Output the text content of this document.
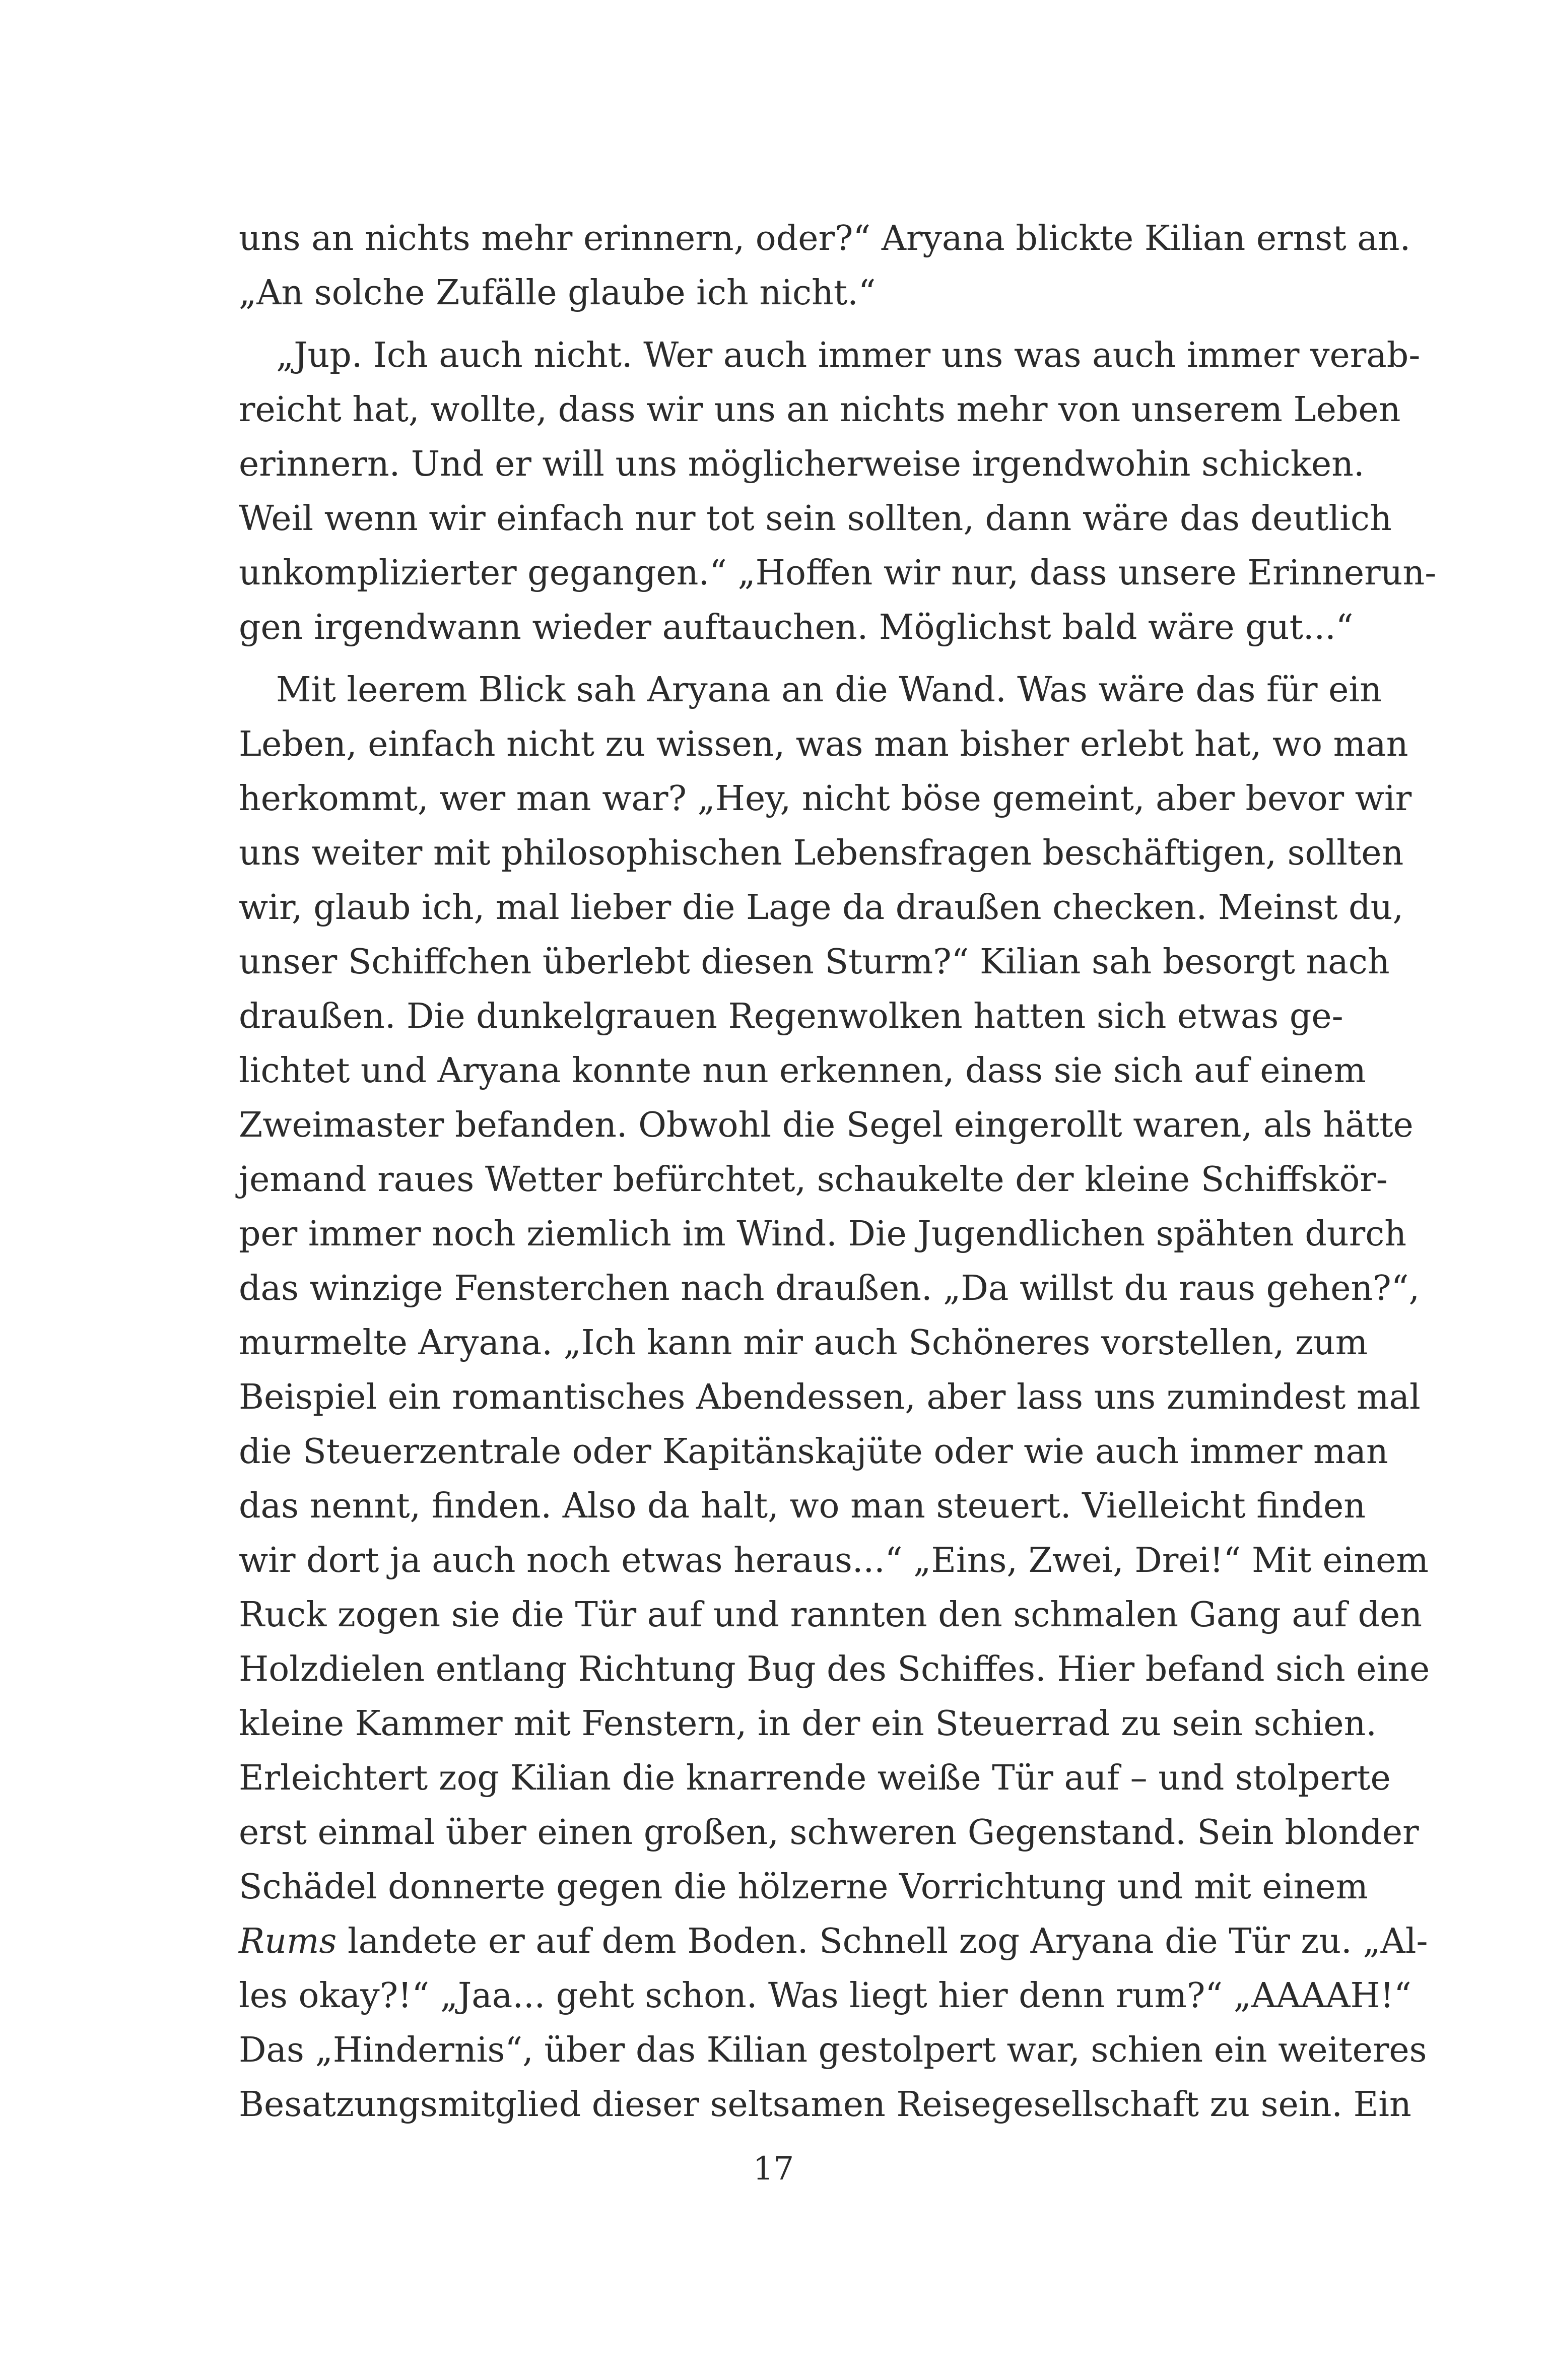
uns an nichts mehr erinnern, oder?“ Aryana blickte Kilian ernst an.
„An solche Zufälle glaube ich nicht.“
„Jup. Ich auch nicht. Wer auch immer uns was auch immer verab-
reicht hat, wollte, dass wir uns an nichts mehr von unserem Leben
erinnern. Und er will uns möglicherweise irgendwohin schicken.
Weil wenn wir einfach nur tot sein sollten, dann wäre das deutlich
unkomplizierter gegangen.“ „Hoffen wir nur, dass unsere Erinnerun-
gen irgendwann wieder auftauchen. Möglichst bald wäre gut...“
Mit leerem Blick sah Aryana an die Wand. Was wäre das für ein
Leben, einfach nicht zu wissen, was man bisher erlebt hat, wo man
herkommt, wer man war? „Hey, nicht böse gemeint, aber bevor wir
uns weiter mit philosophischen Lebensfragen beschäftigen, sollten
wir, glaub ich, mal lieber die Lage da draußen checken. Meinst du,
unser Schiffchen überlebt diesen Sturm?“ Kilian sah besorgt nach
draußen. Die dunkelgrauen Regenwolken hatten sich etwas ge-
lichtet und Aryana konnte nun erkennen, dass sie sich auf einem
Zweimaster befanden. Obwohl die Segel eingerollt waren, als hätte
jemand raues Wetter befürchtet, schaukelte der kleine Schiffskör-
per immer noch ziemlich im Wind. Die Jugendlichen spähten durch
das winzige Fensterchen nach draußen. „Da willst du raus gehen?“,
murmelte Aryana. „Ich kann mir auch Schöneres vorstellen, zum
Beispiel ein romantisches Abendessen, aber lass uns zumindest mal
die Steuerzentrale oder Kapitänskajüte oder wie auch immer man
das nennt, finden. Also da halt, wo man steuert. Vielleicht finden
wir dort ja auch noch etwas heraus...“ „Eins, Zwei, Drei!“ Mit einem
Ruck zogen sie die Tür auf und rannten den schmalen Gang auf den
Holzdielen entlang Richtung Bug des Schiffes. Hier befand sich eine
kleine Kammer mit Fenstern, in der ein Steuerrad zu sein schien.
Erleichtert zog Kilian die knarrende weiße Tür auf – und stolperte
erst einmal über einen großen, schweren Gegenstand. Sein blonder
Schädel donnerte gegen die hölzerne Vorrichtung und mit einem
Rums landete er auf dem Boden. Schnell zog Aryana die Tür zu. „Al-
les okay?!“ „Jaa... geht schon. Was liegt hier denn rum?“ „AAAAH!“
Das „Hindernis“, über das Kilian gestolpert war, schien ein weiteres
Besatzungsmitglied dieser seltsamen Reisegesellschaft zu sein. Ein
17
